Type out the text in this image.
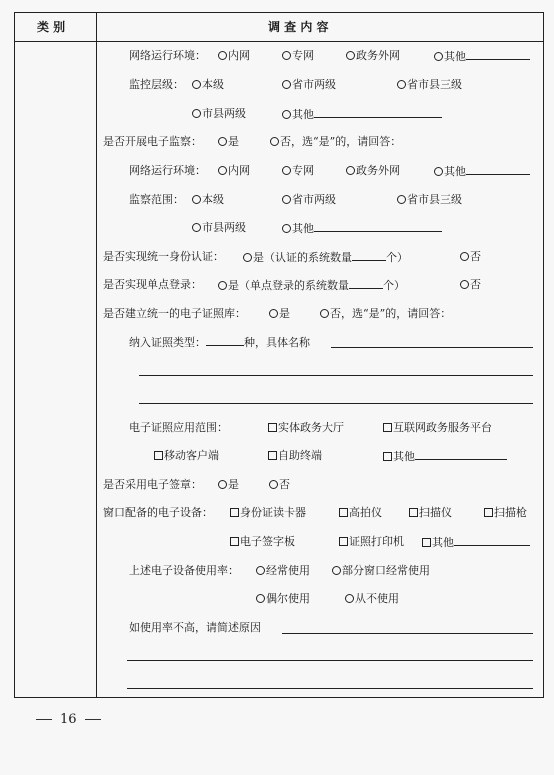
类 别	调 查 内 容
网络运行环境：	内网	专网	政务外网	其他
监控层级：	本级	省市两级	省市县三级
市县两级	其他
是否开展电子监察：	是	否，选“是”的，请回答：
网络运行环境：	内网	专网	政务外网	其他
监察范围：	本级	省市两级	省市县三级
市县两级	其他
是否实现统一身份认证：	是（认证的系统数量	个）	否
是否实现单点登录：	是（单点登录的系统数量	个）	否
是否建立统一的电子证照库：	是	否，选“是”的，请回答：
纳入证照类型：	种，具体名称
电子证照应用范围：	实体政务大厅	互联网政务服务平台
移动客户端	自助终端	其他
是否采用电子签章：	是	否
窗口配备的电子设备：	身份证读卡器	高拍仪	扫描仪	扫描枪
电子签字板	证照打印机	其他
上述电子设备使用率：	经常使用	部分窗口经常使用
偶尔使用	从不使用
如使用率不高，请简述原因
16
